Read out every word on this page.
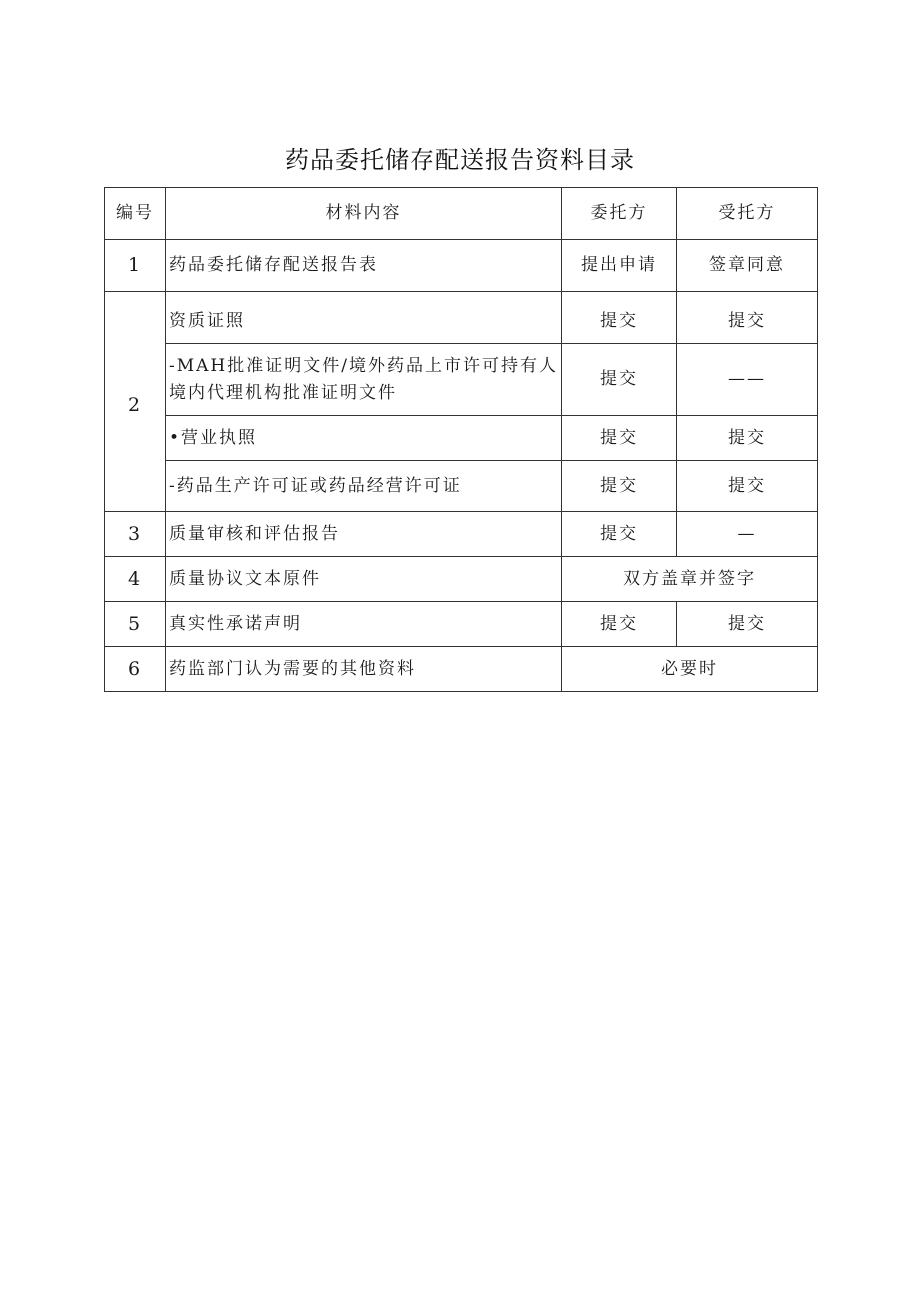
药品委托储存配送报告资料目录
编号	材料内容	委托方	受托方
1	药品委托储存配送报告表	提出申请	签章同意
2	资质证照	提交	提交
	-MAH批准证明文件/境外药品上市许可持有人境内代理机构批准证明文件	提交	——
	•营业执照	提交	提交
	-药品生产许可证或药品经营许可证	提交	提交
3	质量审核和评估报告	提交	—
4	质量协议文本原件	双方盖章并签字	
5	真实性承诺声明	提交	提交
6	药监部门认为需要的其他资料	必要时	
